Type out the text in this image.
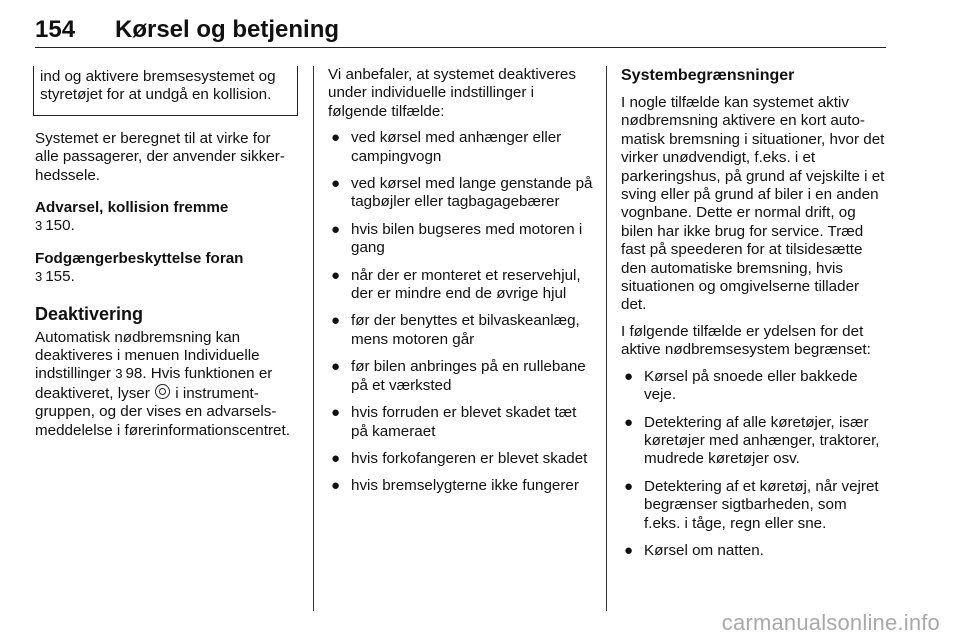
154 Kørsel og betjening

ind og aktivere bremsesystemet og styretøjet for at undgå en kollision.

Systemet er beregnet til at virke for alle passagerer, der anvender sikkerhedssele.

Advarsel, kollision fremme

3 150.

Fodgængerbeskyttelse foran

3 155.

Deaktivering

Automatisk nødbremsning kan deaktiveres i menuen Individuelle indstillinger 3 98. Hvis funktionen er deaktiveret, lyser i instrumentgruppen, og der vises en advarselsmeddelelse i førerinformationscentret.

Vi anbefaler, at systemet deaktiveres under individuelle indstillinger i følgende tilfælde:

● ved kørsel med anhænger eller campingvogn
● ved kørsel med lange genstande på tagbøjler eller tagbagagebærer
● hvis bilen bugseres med motoren i gang
● når der er monteret et reservehjul, der er mindre end de øvrige hjul
● før der benyttes et bilvaskeanlæg, mens motoren går
● før bilen anbringes på en rullebane på et værksted
● hvis forruden er blevet skadet tæt på kameraet
● hvis forkofangeren er blevet skadet
● hvis bremselygterne ikke fungerer

Systembegrænsninger

I nogle tilfælde kan systemet aktiv nødbremsning aktivere en kort automatisk bremsning i situationer, hvor det virker unødvendigt, f.eks. i et parkeringshus, på grund af vejskilte i et sving eller på grund af biler i en anden vognbane. Dette er normal drift, og bilen har ikke brug for service. Træd fast på speederen for at tilsidesætte den automatiske bremsning, hvis situationen og omgivelserne tillader det.

I følgende tilfælde er ydelsen for det aktive nødbremsesystem begrænset:

● Kørsel på snoede eller bakkede veje.
● Detektering af alle køretøjer, især køretøjer med anhænger, traktorer, mudrede køretøjer osv.
● Detektering af et køretøj, når vejret begrænser sigtbarheden, som f.eks. i tåge, regn eller sne.
● Kørsel om natten.
carmanualsonline.info
